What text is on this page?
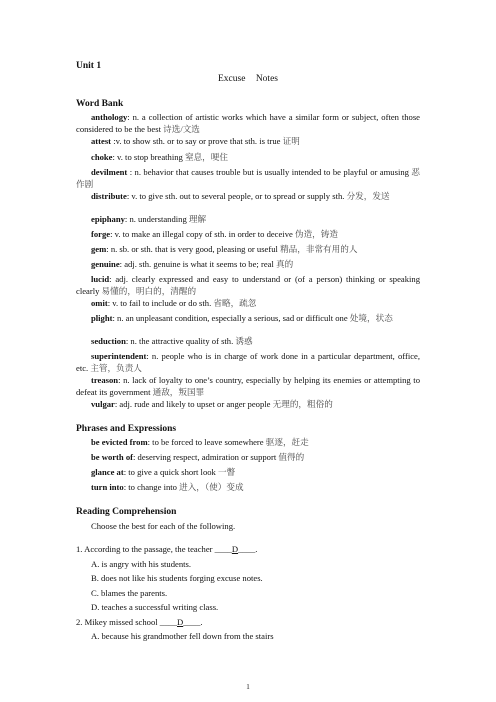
Unit 1
Excuse Notes
Word Bank
anthology: n. a collection of artistic works which have a similar form or subject, often those considered to be the best 诗选/文选
attest :v. to show sth. or to say or prove that sth. is true 证明
choke: v. to stop breathing 窒息，哽住
devilment : n. behavior that causes trouble but is usually intended to be playful or amusing 恶作剧
distribute: v. to give sth. out to several people, or to spread or supply sth. 分发，发送
epiphany: n. understanding 理解
forge: v. to make an illegal copy of sth. in order to deceive 伪造，铸造
gem: n. sb. or sth. that is very good, pleasing or useful 精品，非常有用的人
genuine: adj. sth. genuine is what it seems to be; real 真的
lucid: adj. clearly expressed and easy to understand or (of a person) thinking or speaking clearly 易懂的，明白的，清醒的
omit: v. to fail to include or do sth. 省略，疏忽
plight: n. an unpleasant condition, especially a serious, sad or difficult one 处境，状态
seduction: n. the attractive quality of sth. 诱惑
superintendent: n. people who is in charge of work done in a particular department, office, etc. 主管，负责人
treason: n. lack of loyalty to one’s country, especially by helping its enemies or attempting to defeat its government 通敌，叛国罪
vulgar: adj. rude and likely to upset or anger people 无理的，粗俗的
Phrases and Expressions
be evicted from: to be forced to leave somewhere 驱逐，赶走
be worth of: deserving respect, admiration or support 值得的
glance at: to give a quick short look 一瞥
turn into: to change into 进入，（使）变成
Reading Comprehension
Choose the best for each of the following.
1. According to the passage, the teacher ____D____.
A. is angry with his students.
B. does not like his students forging excuse notes.
C. blames the parents.
D. teaches a successful writing class.
2. Mikey missed school ____D____.
A. because his grandmother fell down from the stairs
1
